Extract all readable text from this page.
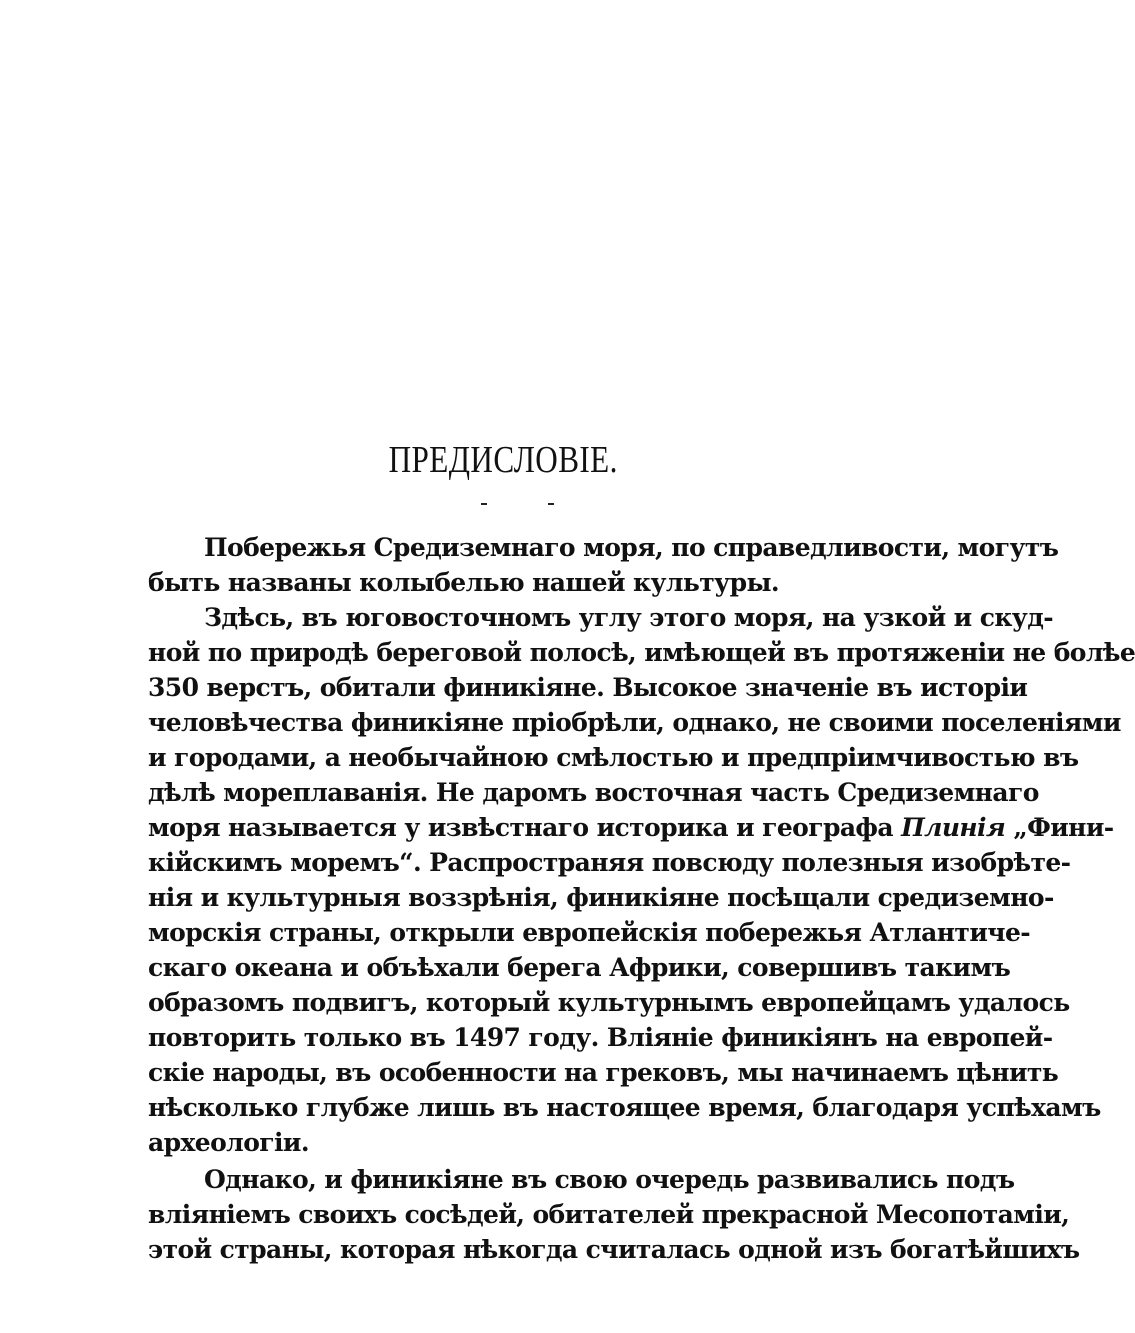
ПРЕДИСЛОВІЕ.
Побережья Средиземнаго моря, по справедливости, могутъ
быть названы колыбелью нашей культуры.
Здѣсь, въ юговосточномъ углу этого моря, на узкой и скуд-
ной по природѣ береговой полосѣ, имѣющей въ протяженіи не болѣе
350 верстъ, обитали финикіяне. Высокое значеніе въ исторіи
человѣчества финикіяне пріобрѣли, однако, не своими поселеніями
и городами, а необычайною смѣлостью и предпріимчивостью въ
дѣлѣ мореплаванія. Не даромъ восточная часть Средиземнаго
моря называется у извѣстнаго историка и географа Плинія „Фини-
кійскимъ моремъ“. Распространяя повсюду полезныя изобрѣте-
нія и культурныя воззрѣнія, финикіяне посѣщали средиземно-
морскія страны, открыли европейскія побережья Атлантиче-
скаго океана и объѣхали берега Африки, совершивъ такимъ
образомъ подвигъ, который культурнымъ европейцамъ удалось
повторить только въ 1497 году. Вліяніе финикіянъ на европей-
скіе народы, въ особенности на грековъ, мы начинаемъ цѣнить
нѣсколько глубже лишь въ настоящее время, благодаря успѣхамъ
археологіи.
Однако, и финикіяне въ свою очередь развивались подъ
вліяніемъ своихъ сосѣдей, обитателей прекрасной Месопотаміи,
этой страны, которая нѣкогда считалась одной изъ богатѣйшихъ
